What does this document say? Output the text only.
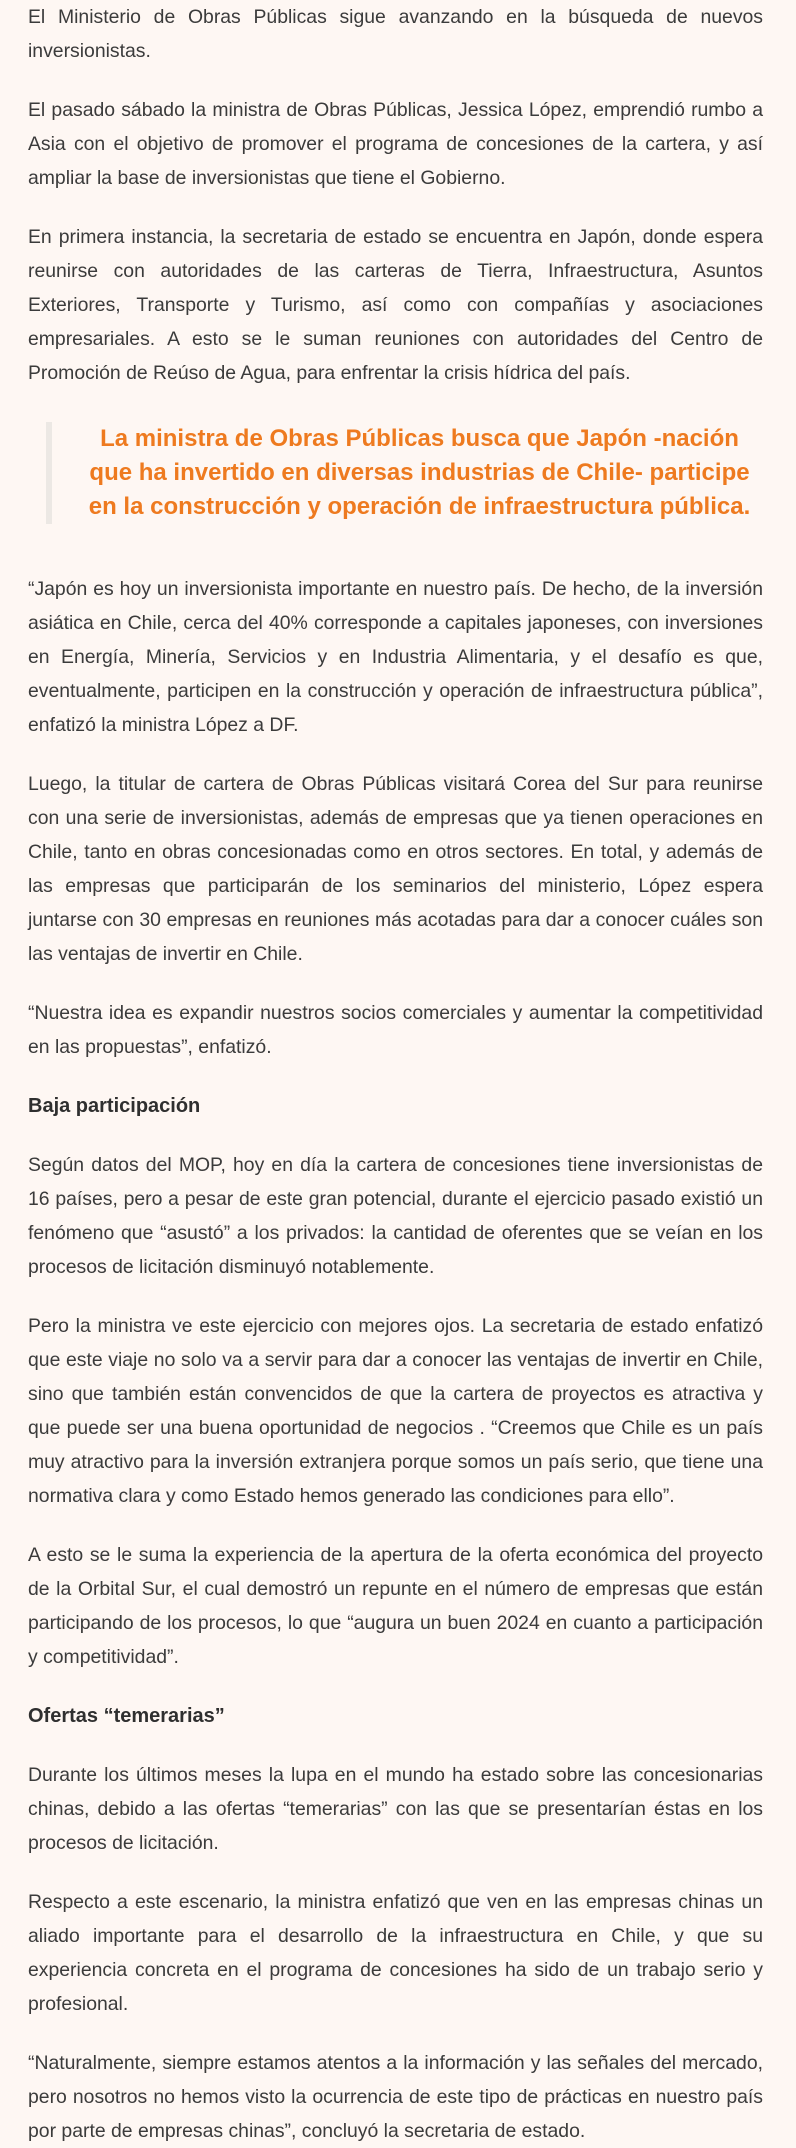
El Ministerio de Obras Públicas sigue avanzando en la búsqueda de nuevos inversionistas.

El pasado sábado la ministra de Obras Públicas, Jessica López, emprendió rumbo a Asia con el objetivo de promover el programa de concesiones de la cartera, y así ampliar la base de inversionistas que tiene el Gobierno.

En primera instancia, la secretaria de estado se encuentra en Japón, donde espera reunirse con autoridades de las carteras de Tierra, Infraestructura, Asuntos Exteriores, Transporte y Turismo, así como con compañías y asociaciones empresariales. A esto se le suman reuniones con autoridades del Centro de Promoción de Reúso de Agua, para enfrentar la crisis hídrica del país.

La ministra de Obras Públicas busca que Japón -nación que ha invertido en diversas industrias de Chile- participe en la construcción y operación de infraestructura pública.

“Japón es hoy un inversionista importante en nuestro país. De hecho, de la inversión asiática en Chile, cerca del 40% corresponde a capitales japoneses, con inversiones en Energía, Minería, Servicios y en Industria Alimentaria, y el desafío es que, eventualmente, participen en la construcción y operación de infraestructura pública”, enfatizó la ministra López a DF.

Luego, la titular de cartera de Obras Públicas visitará Corea del Sur para reunirse con una serie de inversionistas, además de empresas que ya tienen operaciones en Chile, tanto en obras concesionadas como en otros sectores. En total, y además de las empresas que participarán de los seminarios del ministerio, López espera juntarse con 30 empresas en reuniones más acotadas para dar a conocer cuáles son las ventajas de invertir en Chile.

“Nuestra idea es expandir nuestros socios comerciales y aumentar la competitividad en las propuestas”, enfatizó.

Baja participación

Según datos del MOP, hoy en día la cartera de concesiones tiene inversionistas de 16 países, pero a pesar de este gran potencial, durante el ejercicio pasado existió un fenómeno que “asustó” a los privados: la cantidad de oferentes que se veían en los procesos de licitación disminuyó notablemente.

Pero la ministra ve este ejercicio con mejores ojos. La secretaria de estado enfatizó que este viaje no solo va a servir para dar a conocer las ventajas de invertir en Chile, sino que también están convencidos de que la cartera de proyectos es atractiva y que puede ser una buena oportunidad de negocios . “Creemos que Chile es un país muy atractivo para la inversión extranjera porque somos un país serio, que tiene una normativa clara y como Estado hemos generado las condiciones para ello”.

A esto se le suma la experiencia de la apertura de la oferta económica del proyecto de la Orbital Sur, el cual demostró un repunte en el número de empresas que están participando de los procesos, lo que “augura un buen 2024 en cuanto a participación y competitividad”.

Ofertas “temerarias”

Durante los últimos meses la lupa en el mundo ha estado sobre las concesionarias chinas, debido a las ofertas “temerarias” con las que se presentarían éstas en los procesos de licitación.

Respecto a este escenario, la ministra enfatizó que ven en las empresas chinas un aliado importante para el desarrollo de la infraestructura en Chile, y que su experiencia concreta en el programa de concesiones ha sido de un trabajo serio y profesional.

“Naturalmente, siempre estamos atentos a la información y las señales del mercado, pero nosotros no hemos visto la ocurrencia de este tipo de prácticas en nuestro país por parte de empresas chinas”, concluyó la secretaria de estado.
